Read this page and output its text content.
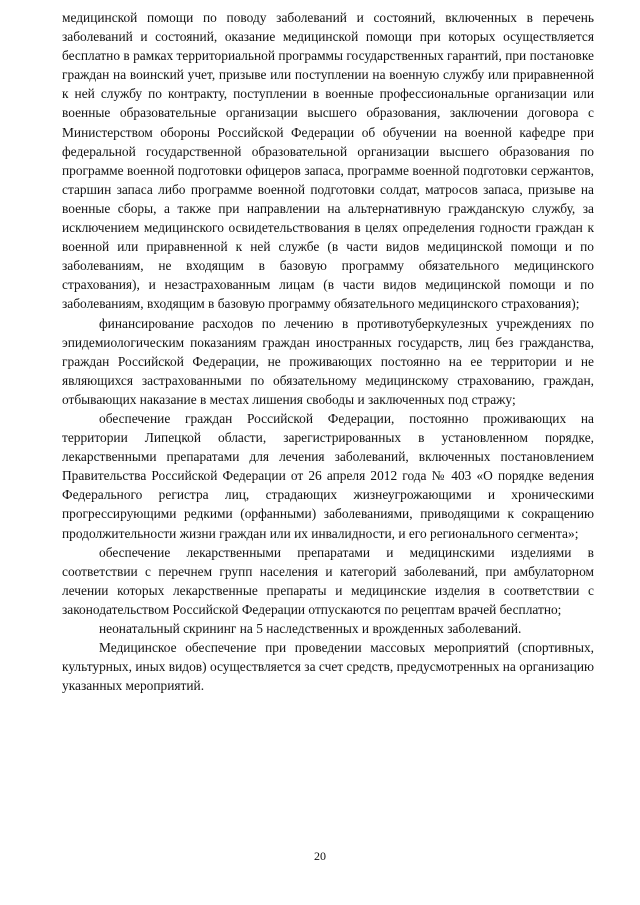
медицинской помощи по поводу заболеваний и состояний, включенных в перечень заболеваний и состояний, оказание медицинской помощи при которых осуществляется бесплатно в рамках территориальной программы государственных гарантий, при постановке граждан на воинский учет, призыве или поступлении на военную службу или приравненной к ней службу по контракту, поступлении в военные профессиональные организации или военные образовательные организации высшего образования, заключении договора с Министерством обороны Российской Федерации об обучении на военной кафедре при федеральной государственной образовательной организации высшего образования по программе военной подготовки офицеров запаса, программе военной подготовки сержантов, старшин запаса либо программе военной подготовки солдат, матросов запаса, призыве на военные сборы, а также при направлении на альтернативную гражданскую службу, за исключением медицинского освидетельствования в целях определения годности граждан к военной или приравненной к ней службе (в части видов медицинской помощи и по заболеваниям, не входящим в базовую программу обязательного медицинского страхования), и незастрахованным лицам (в части видов медицинской помощи и по заболеваниям, входящим в базовую программу обязательного медицинского страхования);

финансирование расходов по лечению в противотуберкулезных учреждениях по эпидемиологическим показаниям граждан иностранных государств, лиц без гражданства, граждан Российской Федерации, не проживающих постоянно на ее территории и не являющихся застрахованными по обязательному медицинскому страхованию, граждан, отбывающих наказание в местах лишения свободы и заключенных под стражу;

обеспечение граждан Российской Федерации, постоянно проживающих на территории Липецкой области, зарегистрированных в установленном порядке, лекарственными препаратами для лечения заболеваний, включенных постановлением Правительства Российской Федерации от 26 апреля 2012 года № 403 «О порядке ведения Федерального регистра лиц, страдающих жизнеугрожающими и хроническими прогрессирующими редкими (орфанными) заболеваниями, приводящими к сокращению продолжительности жизни граждан или их инвалидности, и его регионального сегмента»;

обеспечение лекарственными препаратами и медицинскими изделиями в соответствии с перечнем групп населения и категорий заболеваний, при амбулаторном лечении которых лекарственные препараты и медицинские изделия в соответствии с законодательством Российской Федерации отпускаются по рецептам врачей бесплатно;

неонатальный скрининг на 5 наследственных и врожденных заболеваний.

Медицинское обеспечение при проведении массовых мероприятий (спортивных, культурных, иных видов) осуществляется за счет средств, предусмотренных на организацию указанных мероприятий.

20
